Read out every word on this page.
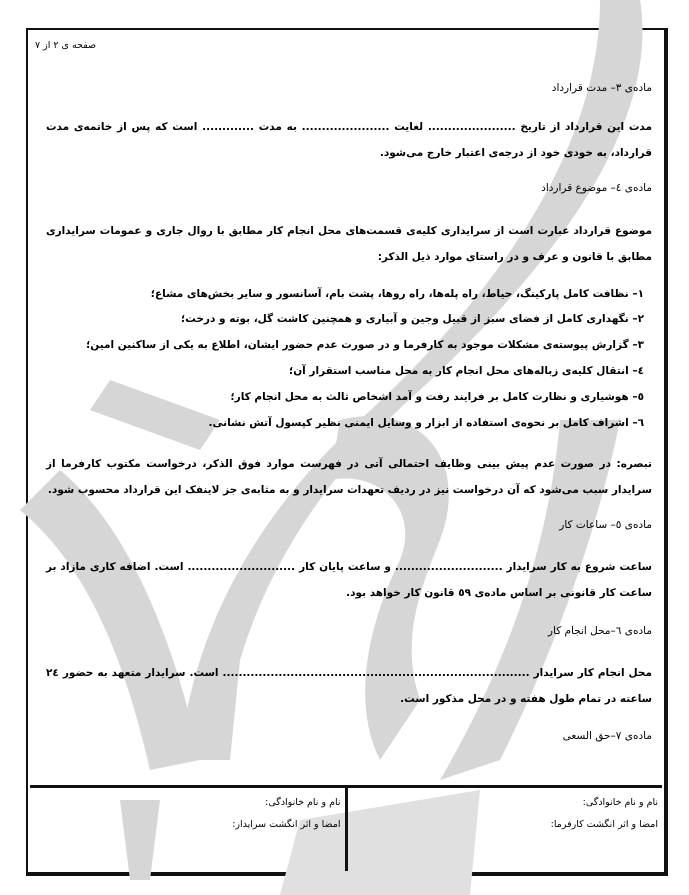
صفحه ی ۲ از ۷
ماده‌ی ۳– مدت قرارداد
مدت این قرارداد از تاریخ ...................... لغایت ...................... به مدت ............. است که پس از خاتمه‌ی مدت قرارداد، به خودی خود از درجه‌ی اعتبار خارج می‌شود.
ماده‌ی ٤– موضوع قرارداد
موضوع قرارداد عبارت است از سرایداری کلیه‌ی قسمت‌های محل انجام کار مطابق با روال جاری و عمومات سرایداری مطابق با قانون و عرف و در راستای موارد ذیل الذکر:
۱– نظافت کامل پارکینگ، حیاط، راه پله‌ها، راه روها، پشت بام، آسانسور و سایر بخش‌های مشاع؛
۲– نگهداری کامل از فضای سبز از قبیل وجین و آبیاری و همچنین کاشت گل، بوته و درخت؛
۳– گزارش پیوسته‌ی مشکلات موجود به کارفرما و در صورت عدم حضور ایشان، اطلاع به یکی از ساکنین امین؛
٤– انتقال کلیه‌ی زباله‌های محل انجام کار به محل مناسب استقرار آن؛
٥– هوشیاری و نظارت کامل بر فرایند رفت و آمد اشخاص ثالث به محل انجام کار؛
٦– اشراف کامل بر نحوه‌ی استفاده از ابزار و وسایل ایمنی نظیر کپسول آتش نشانی.
تبصره: در صورت عدم پیش بینی وظایف احتمالی آتی در فهرست موارد فوق الذکر، درخواست مکتوب کارفرما از سرایدار سبب می‌شود که آن درخواست نیز در ردیف تعهدات سرایدار و به مثابه‌ی جز لاینفک این قرارداد محسوب شود.
ماده‌ی ٥– ساعات کار
ساعت شروع به کار سرایدار ........................... و ساعت پایان کار ........................... است. اضافه کاری مازاد بر ساعت کار قانونی بر اساس ماده‌ی ٥۹ قانون کار خواهد بود.
ماده‌ی ٦–محل انجام کار
محل انجام کار سرایدار ............................................................................. است. سرایدار متعهد به حضور ٢٤ ساعته در تمام طول هفته و در محل مذکور است.
ماده‌ی ۷–حق السعی
نام و نام خانوادگی:
امضا و اثر انگشت سرایدار:
نام و نام خانوادگی:
امضا و اثر انگشت کارفرما:
